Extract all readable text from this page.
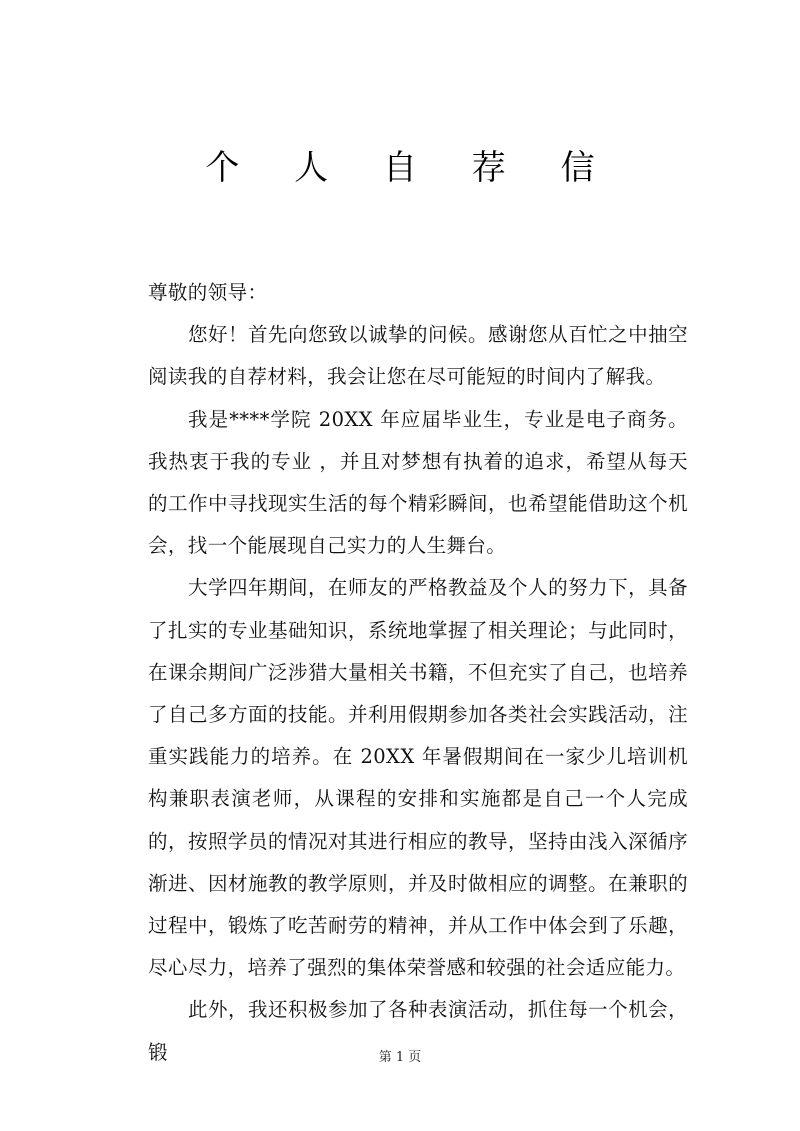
个 人 自 荐 信

尊敬的领导：

您好！首先向您致以诚挚的问候。感谢您从百忙之中抽空阅读我的自荐材料，我会让您在尽可能短的时间内了解我。

我是****学院 20XX 年应届毕业生，专业是电子商务。我热衷于我的专业 ，并且对梦想有执着的追求，希望从每天的工作中寻找现实生活的每个精彩瞬间，也希望能借助这个机会，找一个能展现自己实力的人生舞台。

大学四年期间，在师友的严格教益及个人的努力下，具备了扎实的专业基础知识，系统地掌握了相关理论；与此同时，在课余期间广泛涉猎大量相关书籍，不但充实了自己，也培养了自己多方面的技能。并利用假期参加各类社会实践活动，注重实践能力的培养。在 20XX 年暑假期间在一家少儿培训机构兼职表演老师，从课程的安排和实施都是自己一个人完成的，按照学员的情况对其进行相应的教导，坚持由浅入深循序渐进、因材施教的教学原则，并及时做相应的调整。在兼职的过程中，锻炼了吃苦耐劳的精神，并从工作中体会到了乐趣，尽心尽力，培养了强烈的集体荣誉感和较强的社会适应能力。

此外，我还积极参加了各种表演活动，抓住每一个机会，锻	第 1 页
